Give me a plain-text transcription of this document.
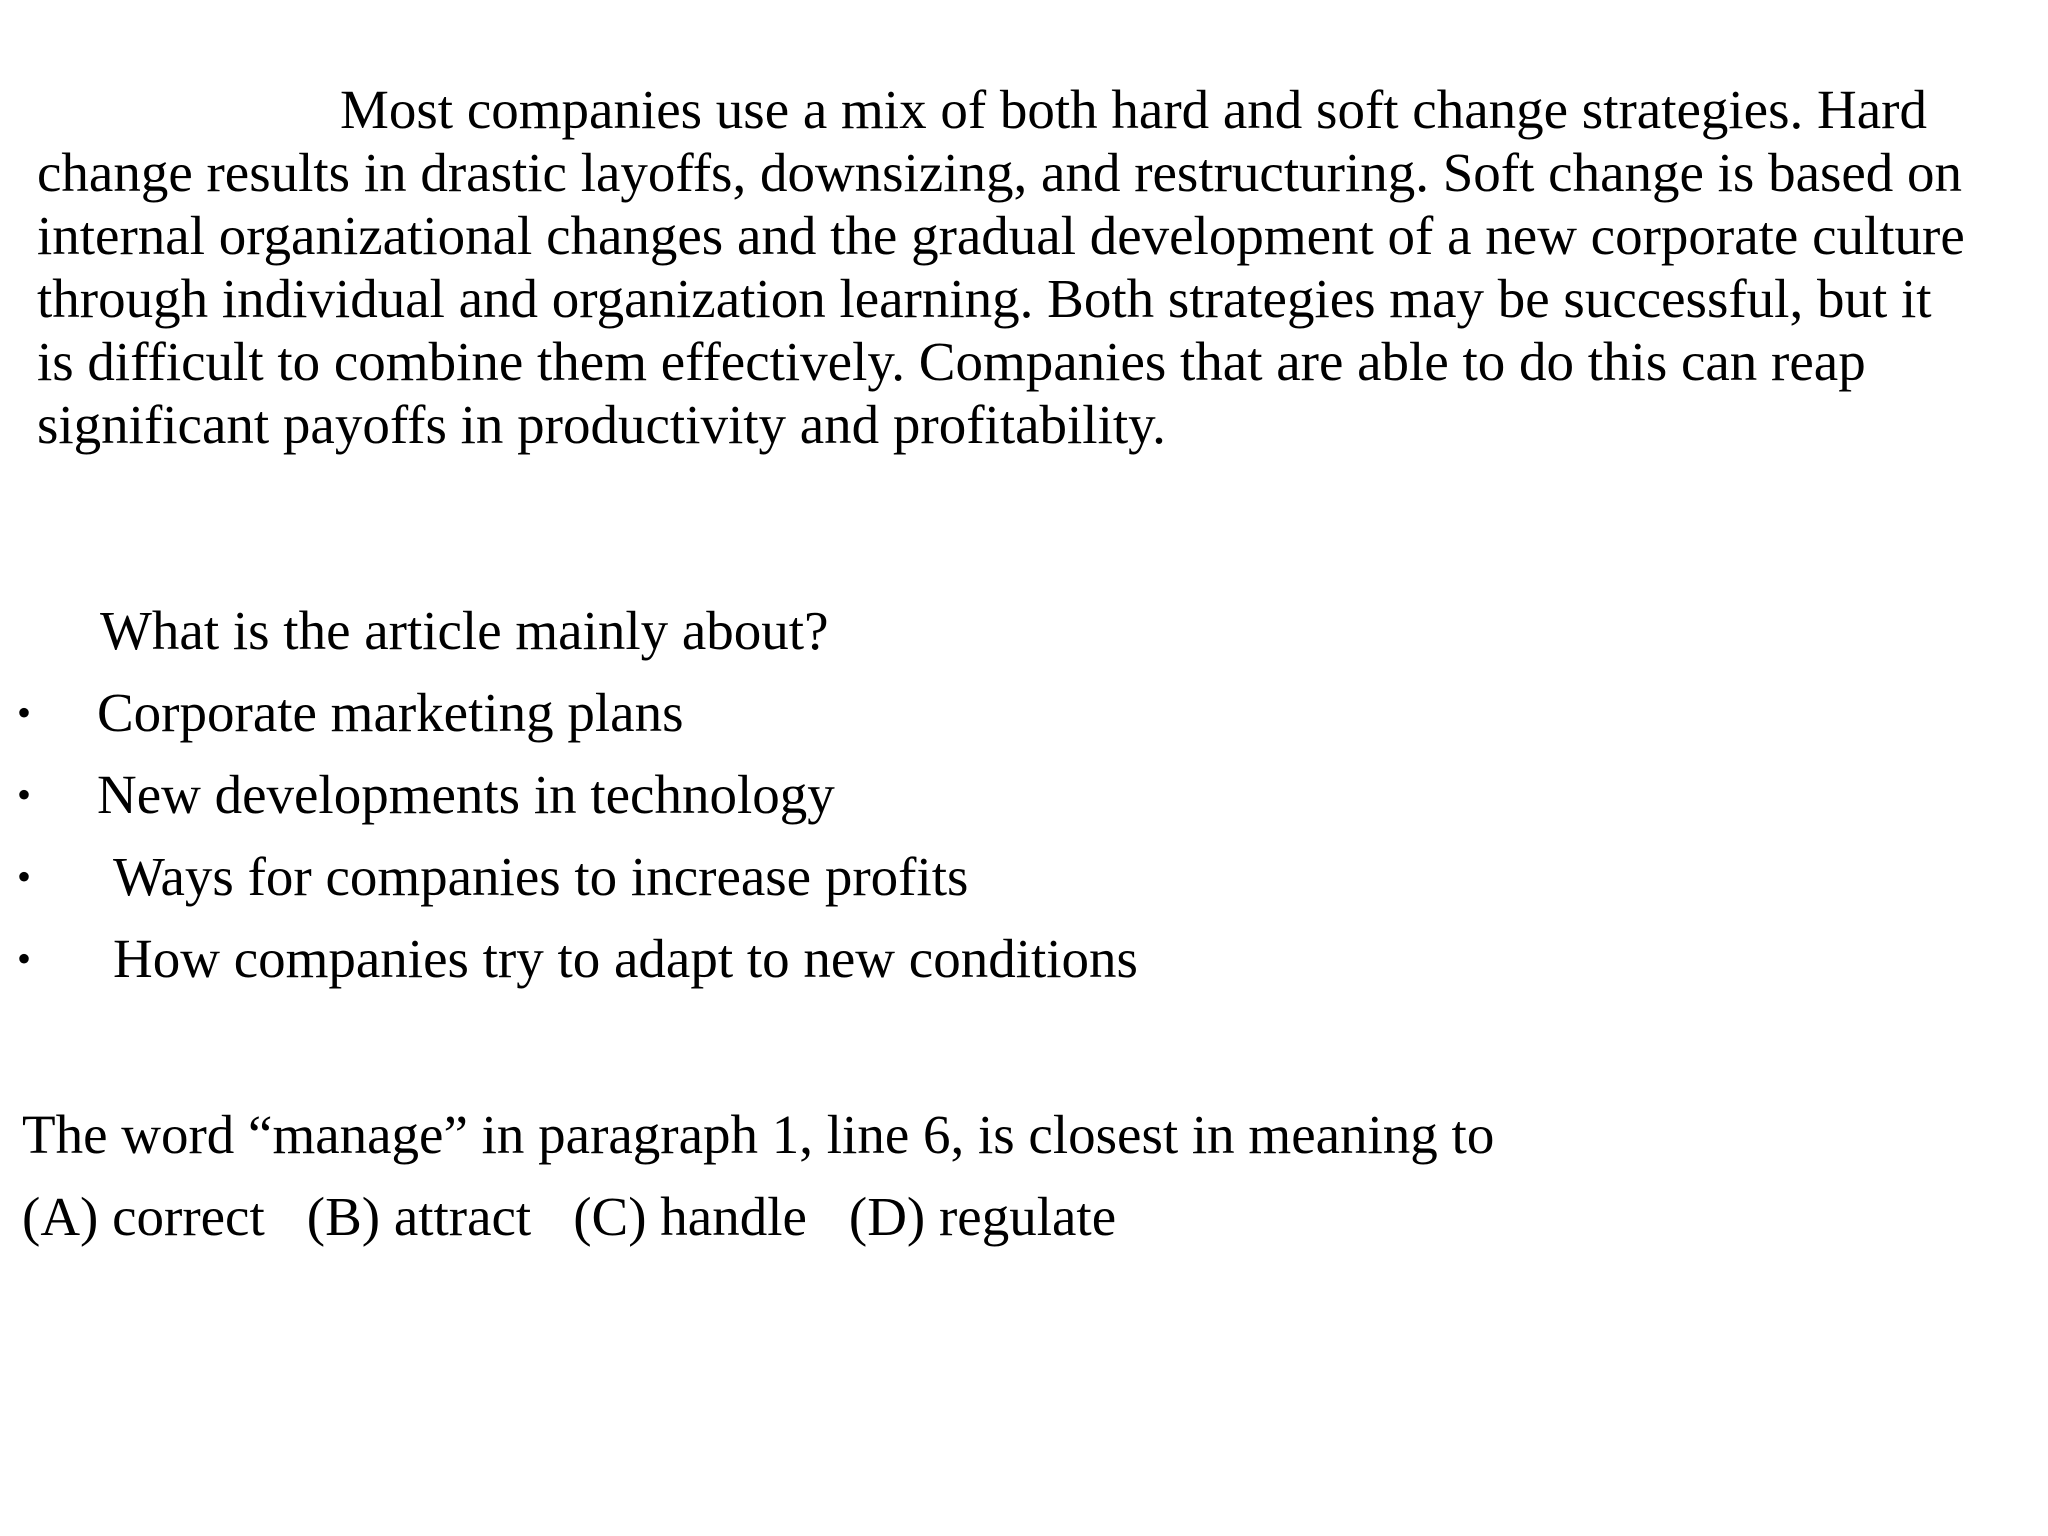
Most companies use a mix of both hard and soft change strategies. Hard
change results in drastic layoffs, downsizing, and restructuring. Soft change is based on
internal organizational changes and the gradual development of a new corporate culture
through individual and organization learning. Both strategies may be successful, but it
is difficult to combine them effectively. Companies that are able to do this can reap
significant payoffs in productivity and profitability.
What is the article mainly about?
• Corporate marketing plans
• New developments in technology
• Ways for companies to increase profits
• How companies try to adapt to new conditions
The word “manage” in paragraph 1, line 6, is closest in meaning to
(A) correct (B) attract (C) handle (D) regulate
